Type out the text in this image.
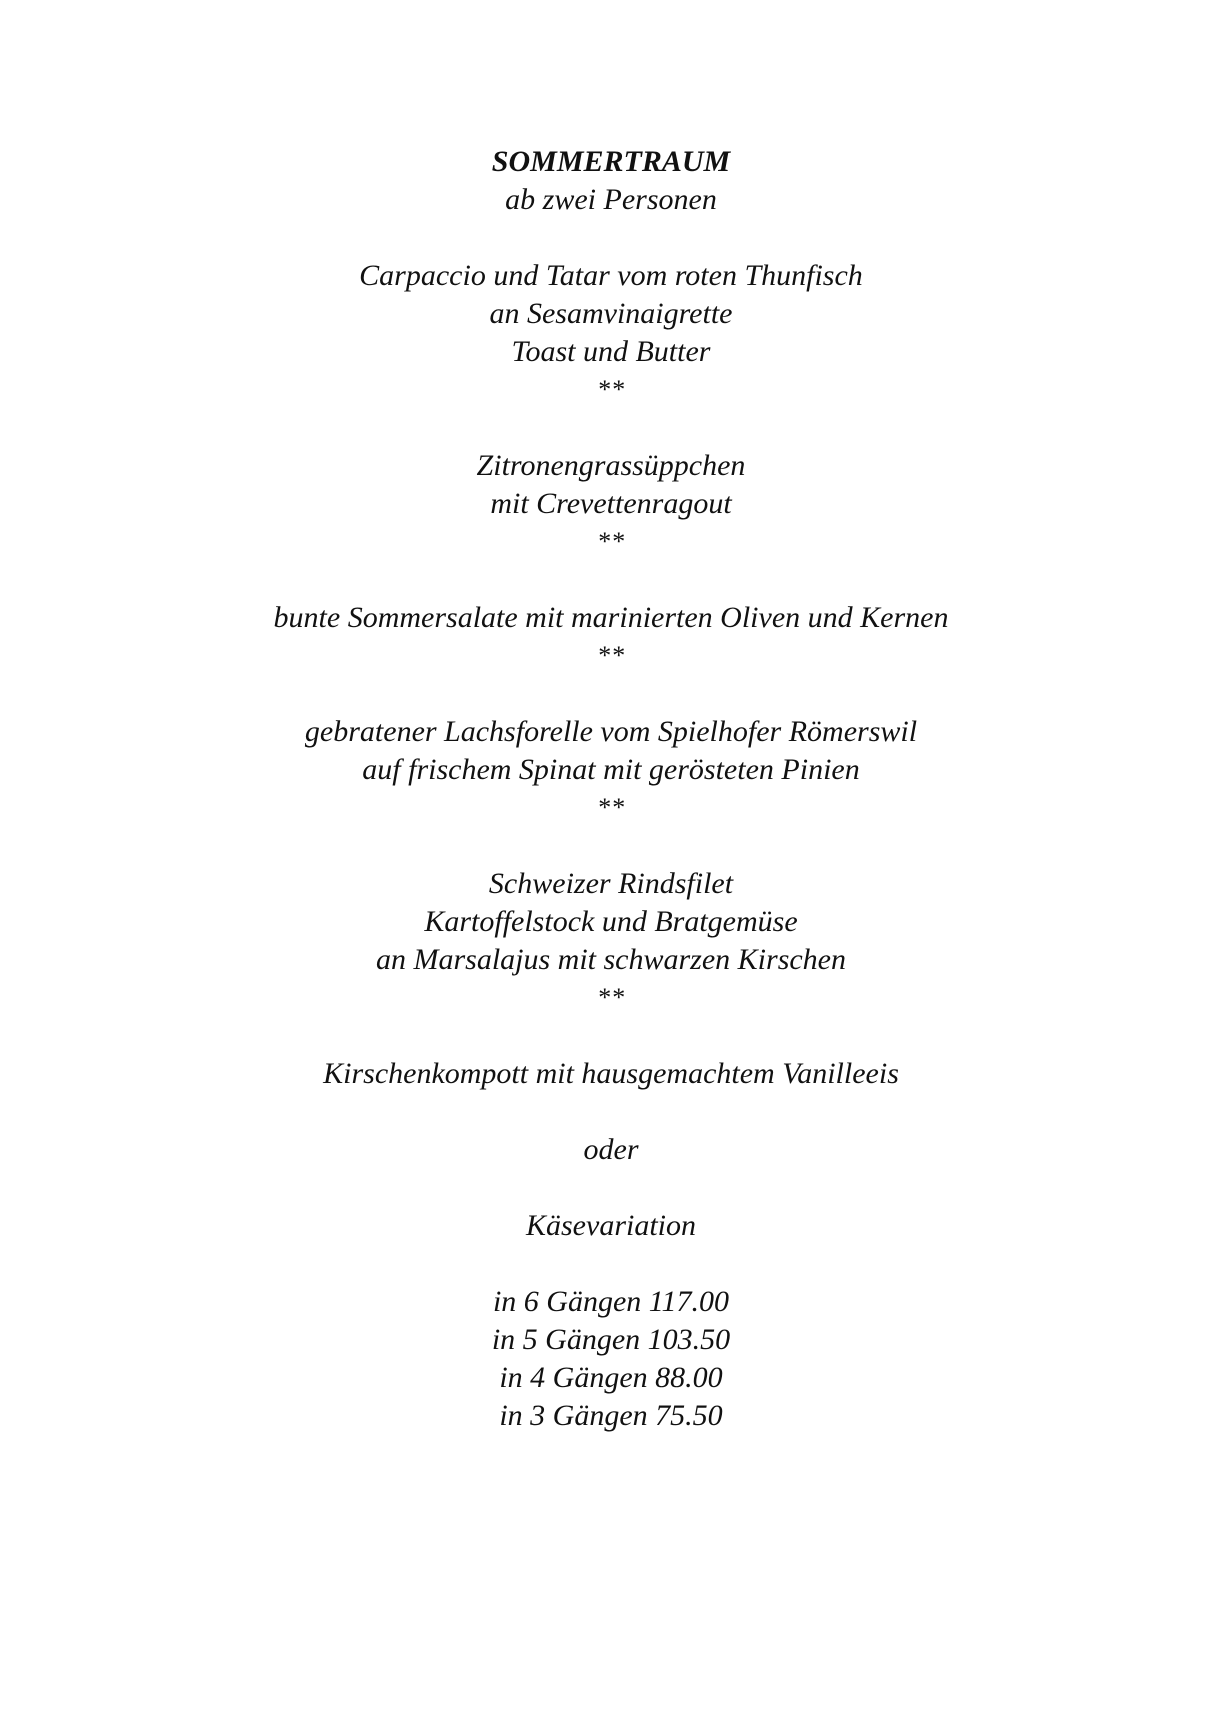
SOMMERTRAUM
ab zwei Personen
Carpaccio und Tatar vom roten Thunfisch
an Sesamvinaigrette
Toast und Butter
**
Zitronengrassüppchen
mit Crevettenragout
**
bunte Sommersalate mit marinierten Oliven und Kernen
**
gebratener Lachsforelle vom Spielhofer Römerswil
auf frischem Spinat mit gerösteten Pinien
**
Schweizer Rindsfilet
Kartoffelstock und Bratgemüse
an Marsalajus mit schwarzen Kirschen
**
Kirschenkompott mit hausgemachtem Vanilleeis
oder
Käsevariation
in 6 Gängen 117.00
in 5 Gängen 103.50
in 4 Gängen 88.00
in 3 Gängen 75.50
